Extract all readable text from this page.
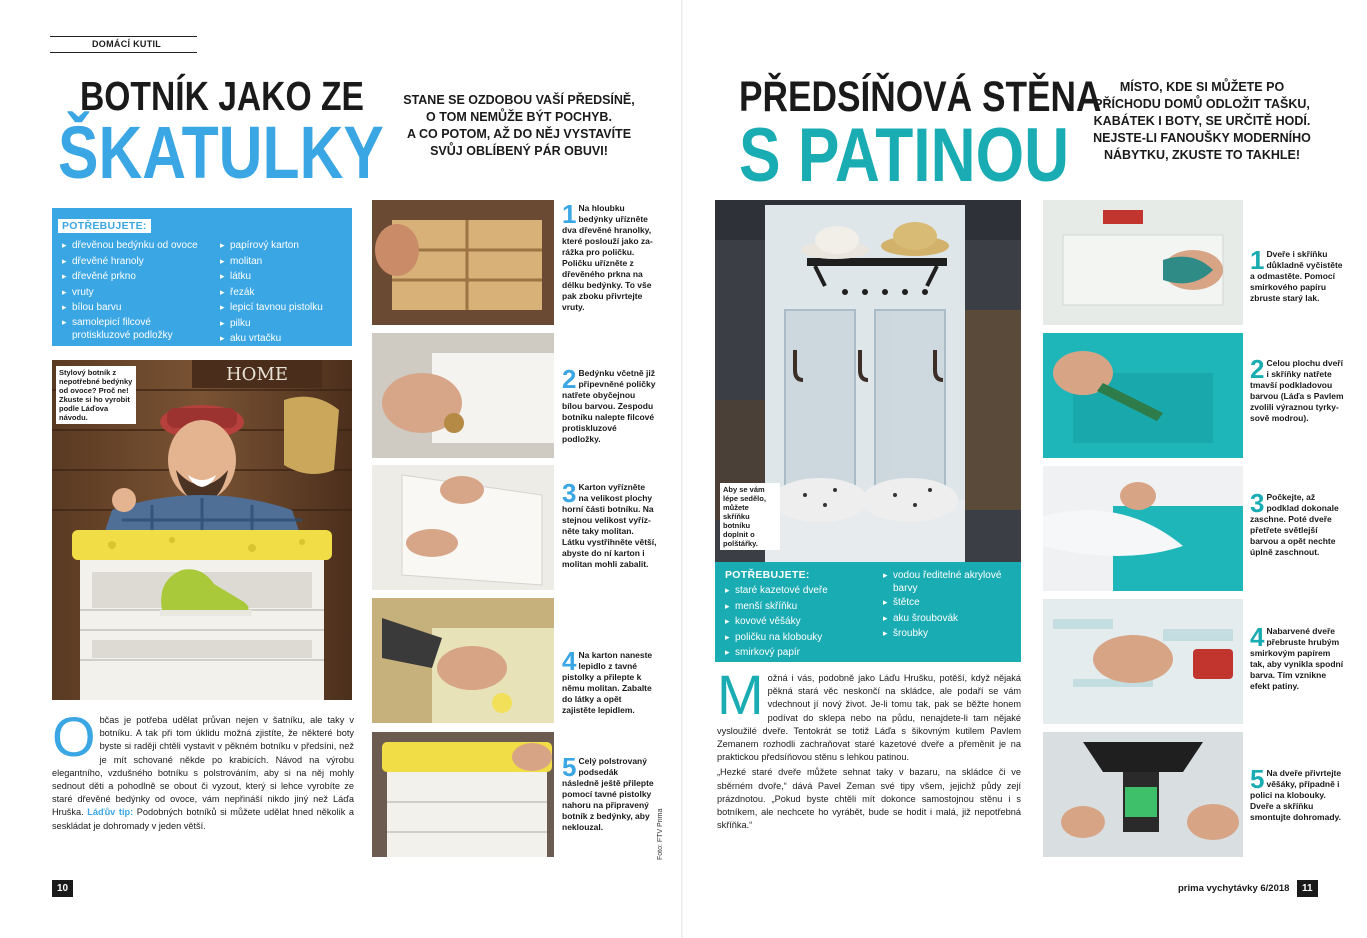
DOMÁCÍ KUTIL
BOTNÍK JAKO ZE
ŠKATULKY
STANE SE OZDOBOU VAŠÍ PŘEDSÍNĚ,
O TOM NEMŮŽE BÝT POCHYB.
A CO POTOM, AŽ DO NĚJ VYSTAVÍTE
SVŮJ OBLÍBENÝ PÁR OBUVI!
POTŘEBUJETE:
▸ dřevěnou bedýnku od ovoce
▸ dřevěné hranoly
▸ dřevěné prkno
▸ vruty
▸ bílou barvu
▸ samolepicí filcové
protiskluzové podložky
▸ papírový karton
▸ molitan
▸ látku
▸ řezák
▸ lepicí tavnou pistolku
▸ pilku
▸ aku vrtačku
HOME
Stylový botník z nepotřebné bedýnky od ovoce? Proč ne! Zkuste si ho vyrobit podle Láďova návodu.
1 Na hloubku bedýnky uřízněte dva dřevěné hranolky, které poslouží jako zarážka pro poličku. Poličku uřízněte z dřevěného prkna na délku bedýnky. To vše pak zboku přivrtejte vruty.
2 Bedýnku včetně již připevněné poličky natřete obyčejnou bílou barvou. Zespodu botníku nalepte filcové protiskluzové podložky.
3 Karton vyřízněte na velikost plochy horní části botníku. Na stejnou velikost vyřízněte taky molitan. Látku vystřihněte větší, abyste do ní karton i molitan mohli zabalit.
4 Na karton naneste lepidlo z tavné pistolky a přilepte k němu molitan. Zabalte do látky a opět zajistěte lepidlem.
5 Celý polstrovaný podsedák následně ještě přilepte pomocí tavné pistolky nahoru na připravený botník z bedýnky, aby neklouzal.	Foto: FTV Prima
Občas je potřeba udělat průvan nejen v šatníku, ale taky v botníku. A tak při tom úklidu možná zjistíte, že některé boty byste si raději chtěli vystavit v pěkném botníku v předsíni, než je mít schované někde po krabicích. Návod na výrobu elegantního, vzdušného botníku s polstrováním, aby si na něj mohly sednout děti a pohodlně se obout či vyzout, který si lehce vyrobíte ze staré dřevěné bedýnky od ovoce, vám nepřináší nikdo jiný než Láďa Hruška. Láďův tip: Podobných botníků si můžete udělat hned několik a seskládat je dohromady v jeden větší.
10
PŘEDSÍŇOVÁ STĚNA
S PATINOU
MÍSTO, KDE SI MŮŽETE PO
PŘÍCHODU DOMŮ ODLOŽIT TAŠKU,
KABÁTEK I BOTY, SE URČITĚ HODÍ.
NEJSTE-LI FANOUŠKY MODERNÍHO
NÁBYTKU, ZKUSTE TO TAKHLE!
Aby se vám lépe sedělo, můžete skříňku botníku doplnit o polštářky.
POTŘEBUJETE:
▸ staré kazetové dveře
▸ menší skříňku
▸ kovové věšáky
▸ poličku na klobouky
▸ smirkový papír
▸ vodou ředitelné akrylové
barvy
▸ štětce
▸ aku šroubovák
▸ šroubky
Možná i vás, podobně jako Láďu Hrušku, potěší, když nějaká pěkná stará věc neskončí na skládce, ale podaří se vám vdechnout jí nový život. Je-li tomu tak, pak se běžte honem podívat do sklepa nebo na půdu, nenajdete-li tam nějaké vysloužilé dveře. Tentokrát se totiž Láďa s šikovným kutilem Pavlem Zemanem rozhodli zachraňovat staré kazetové dveře a přeměnit je na praktickou předsíňovou stěnu s lehkou patinou.
„Hezké staré dveře můžete sehnat taky v bazaru, na skládce či ve sběrném dvoře,“ dává Pavel Zeman své tipy všem, jejichž půdy zejí prázdnotou. „Pokud byste chtěli mít dokonce samostojnou stěnu i s botníkem, ale nechcete ho vyrábět, bude se hodit i malá, již nepotřebná skříňka.“
1 Dveře i skříňku důkladně vyčistěte a odmastěte. Pomocí smirkového papíru zbruste starý lak.
2 Celou plochu dveří i skříňky natřete tmavší podkladovou barvou (Láďa s Pavlem zvolili výraznou tyrkysově modrou).
3 Počkejte, až podklad dokonale zaschne. Poté dveře přetřete světlejší barvou a opět nechte úplně zaschnout.
4 Nabarvené dveře přebruste hrubým smirkovým papírem tak, aby vynikla spodní barva. Tím vznikne efekt patiny.
5 Na dveře přivrtejte věšáky, případně i polici na klobouky. Dveře a skříňku smontujte dohromady.
prima vychytávky 6/2018	11
